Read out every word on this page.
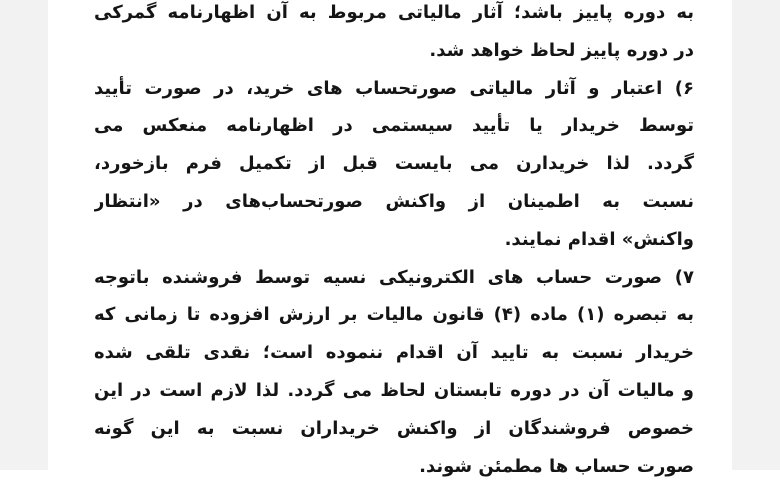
به دوره پاییز باشد؛ آثار مالیاتی مربوط به آن اظهارنامه گمرکی
در دوره پاییز لحاظ خواهد شد.
۶) اعتبار و آثار مالیاتی صورتحساب های خرید، در صورت تأیید
توسط خریدار یا تأیید سیستمی در اظهارنامه منعکس می
گردد. لذا خریدارن می بایست قبل از تکمیل فرم بازخورد،
نسبت به اطمینان از واکنش صورتحساب‌های در «انتظار
واکنش» اقدام نمایند.
۷) صورت حساب های الکترونیکی نسیه توسط فروشنده باتوجه
به تبصره (۱) ماده (۴) قانون مالیات بر ارزش افزوده تا زمانی که
خریدار نسبت به تایید آن اقدام ننموده است؛ نقدی تلقی شده
و مالیات آن در دوره تابستان لحاظ می گردد. لذا لازم است در این
خصوص فروشندگان از واکنش خریداران نسبت به این گونه
صورت حساب ها مطمئن شوند.
